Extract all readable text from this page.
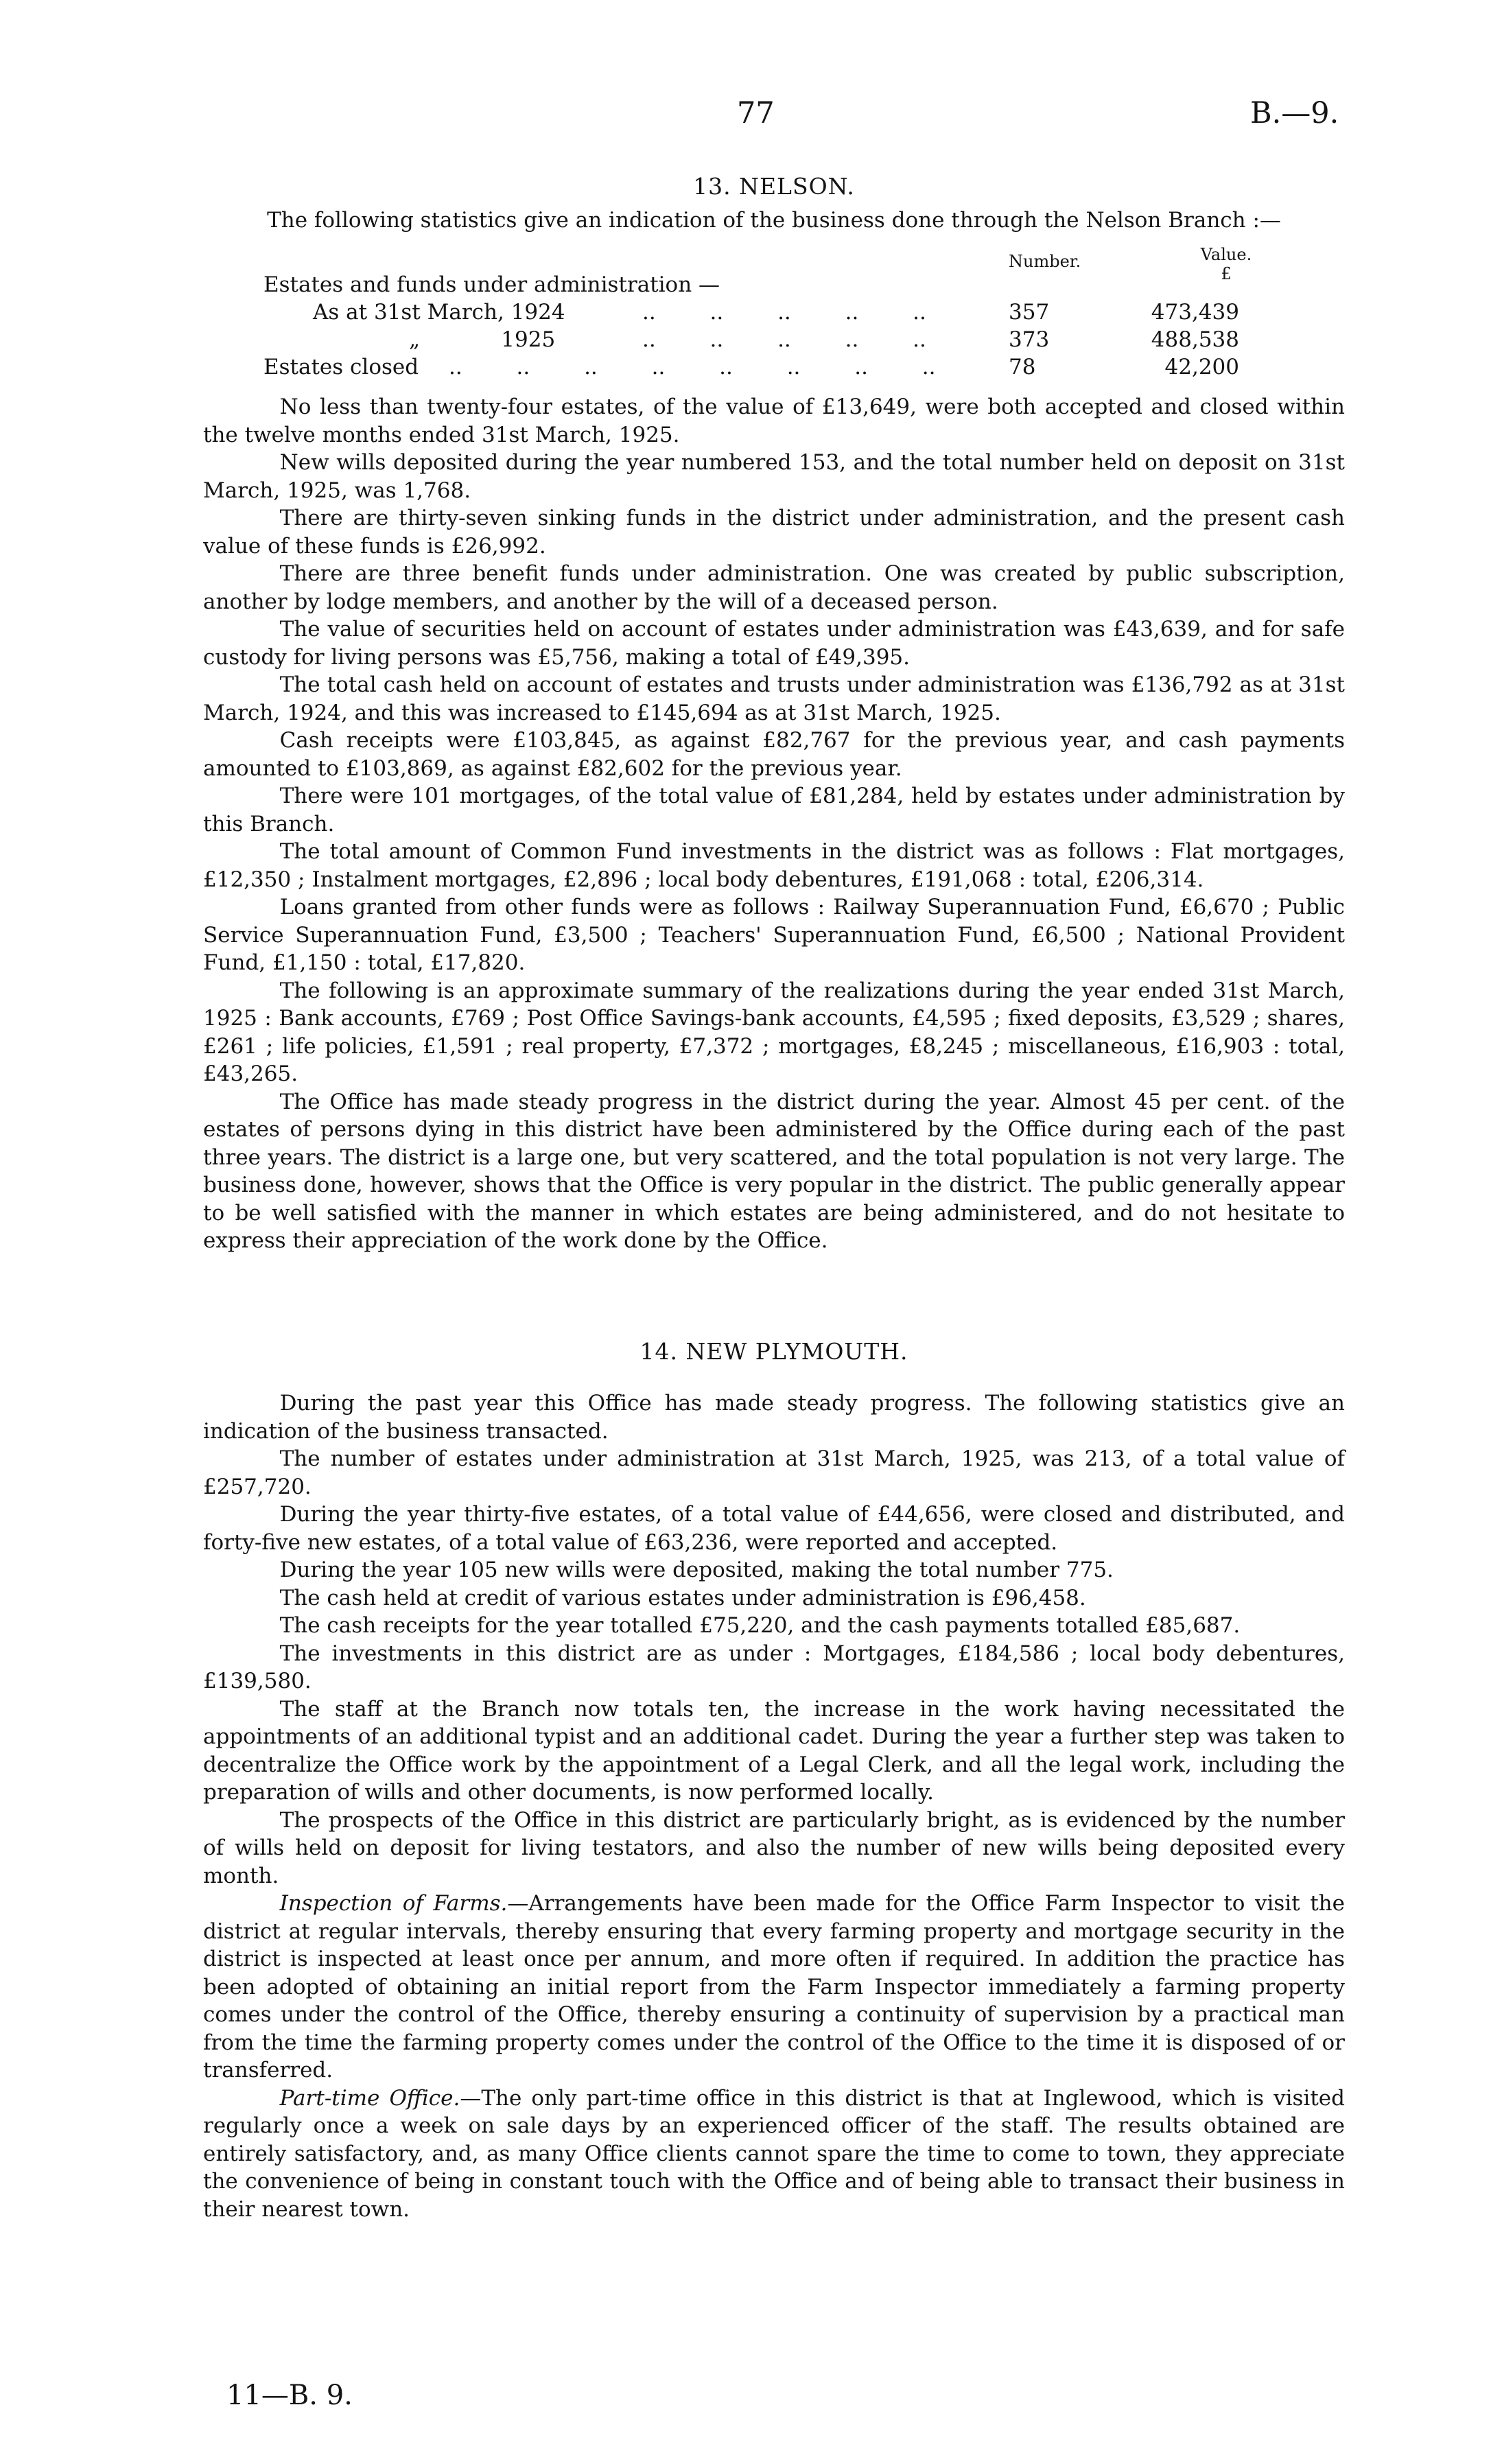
77	B.—9.
13. NELSON.
The following statistics give an indication of the business done through the Nelson Branch :—
Number.	Value.
£
Estates and funds under administration —
As at 31st March, 1924	..        ..        ..        ..        ..	357	473,439
„            1925	..        ..        ..        ..        ..	373	488,538
Estates closed ..        ..        ..        ..        ..        ..        ..        ..	78	42,200

No less than twenty-four estates, of the value of £13,649, were both accepted and closed within the twelve months ended 31st March, 1925.

New wills deposited during the year numbered 153, and the total number held on deposit on 31st March, 1925, was 1,768.

There are thirty-seven sinking funds in the district under administration, and the present cash value of these funds is £26,992.

There are three benefit funds under administration. One was created by public subscription, another by lodge members, and another by the will of a deceased person.

The value of securities held on account of estates under administration was £43,639, and for safe custody for living persons was £5,756, making a total of £49,395.

The total cash held on account of estates and trusts under administration was £136,792 as at 31st March, 1924, and this was increased to £145,694 as at 31st March, 1925.

Cash receipts were £103,845, as against £82,767 for the previous year, and cash payments amounted to £103,869, as against £82,602 for the previous year.

There were 101 mortgages, of the total value of £81,284, held by estates under administration by this Branch.

The total amount of Common Fund investments in the district was as follows : Flat mortgages, £12,350 ; Instalment mortgages, £2,896 ; local body debentures, £191,068 : total, £206,314.

Loans granted from other funds were as follows : Railway Superannuation Fund, £6,670 ; Public Service Superannuation Fund, £3,500 ; Teachers' Superannuation Fund, £6,500 ; National Provident Fund, £1,150 : total, £17,820.

The following is an approximate summary of the realizations during the year ended 31st March, 1925 : Bank accounts, £769 ; Post Office Savings-bank accounts, £4,595 ; fixed deposits, £3,529 ; shares, £261 ; life policies, £1,591 ; real property, £7,372 ; mortgages, £8,245 ; miscellaneous, £16,903 : total, £43,265.

The Office has made steady progress in the district during the year. Almost 45 per cent. of the estates of persons dying in this district have been administered by the Office during each of the past three years. The district is a large one, but very scattered, and the total population is not very large. The business done, however, shows that the Office is very popular in the district. The public generally appear to be well satisfied with the manner in which estates are being administered, and do not hesitate to express their appreciation of the work done by the Office.

14. NEW PLYMOUTH.

During the past year this Office has made steady progress. The following statistics give an indication of the business transacted.

The number of estates under administration at 31st March, 1925, was 213, of a total value of £257,720.

During the year thirty-five estates, of a total value of £44,656, were closed and distributed, and forty-five new estates, of a total value of £63,236, were reported and accepted.

During the year 105 new wills were deposited, making the total number 775.

The cash held at credit of various estates under administration is £96,458.

The cash receipts for the year totalled £75,220, and the cash payments totalled £85,687.

The investments in this district are as under : Mortgages, £184,586 ; local body debentures, £139,580.

The staff at the Branch now totals ten, the increase in the work having necessitated the appointments of an additional typist and an additional cadet. During the year a further step was taken to decentralize the Office work by the appointment of a Legal Clerk, and all the legal work, including the preparation of wills and other documents, is now performed locally.

The prospects of the Office in this district are particularly bright, as is evidenced by the number of wills held on deposit for living testators, and also the number of new wills being deposited every month.

Inspection of Farms.—Arrangements have been made for the Office Farm Inspector to visit the district at regular intervals, thereby ensuring that every farming property and mortgage security in the district is inspected at least once per annum, and more often if required. In addition the practice has been adopted of obtaining an initial report from the Farm Inspector immediately a farming property comes under the control of the Office, thereby ensuring a continuity of supervision by a practical man from the time the farming property comes under the control of the Office to the time it is disposed of or transferred.

Part-time Office.—The only part-time office in this district is that at Inglewood, which is visited regularly once a week on sale days by an experienced officer of the staff. The results obtained are entirely satisfactory, and, as many Office clients cannot spare the time to come to town, they appreciate the convenience of being in constant touch with the Office and of being able to transact their business in their nearest town.

11—B. 9.
